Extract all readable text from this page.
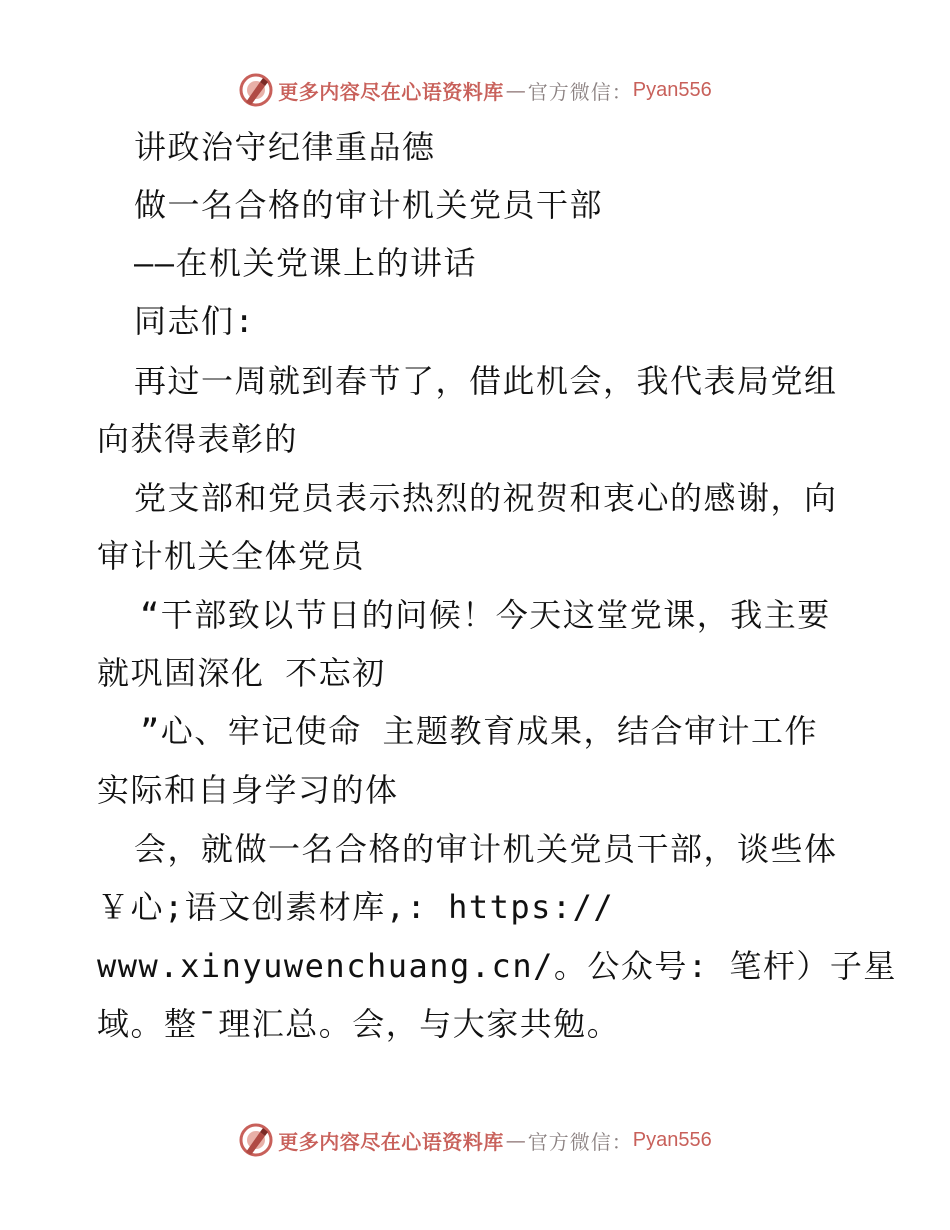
更多内容尽在心语资料库 — 官方微信： Pyan556
讲政治守纪律重品德
做一名合格的审计机关党员干部
——在机关党课上的讲话
同志们:
再过一周就到春节了，借此机会，我代表局党组
向获得表彰的
党支部和党员表示热烈的祝贺和衷心的感谢，向
审计机关全体党员
“干部致以节日的问候！今天这堂党课，我主要
就巩固深化 不忘初
”心、牢记使命 主题教育成果，结合审计工作
实际和自身学习的体
会，就做一名合格的审计机关党员干部，谈些体
￥心;语文创素材库,: https://
www.xinyuwenchuang.cn/。公众号: 笔杆）子星
域。整¯理汇总。会，与大家共勉。
更多内容尽在心语资料库 — 官方微信： Pyan556
